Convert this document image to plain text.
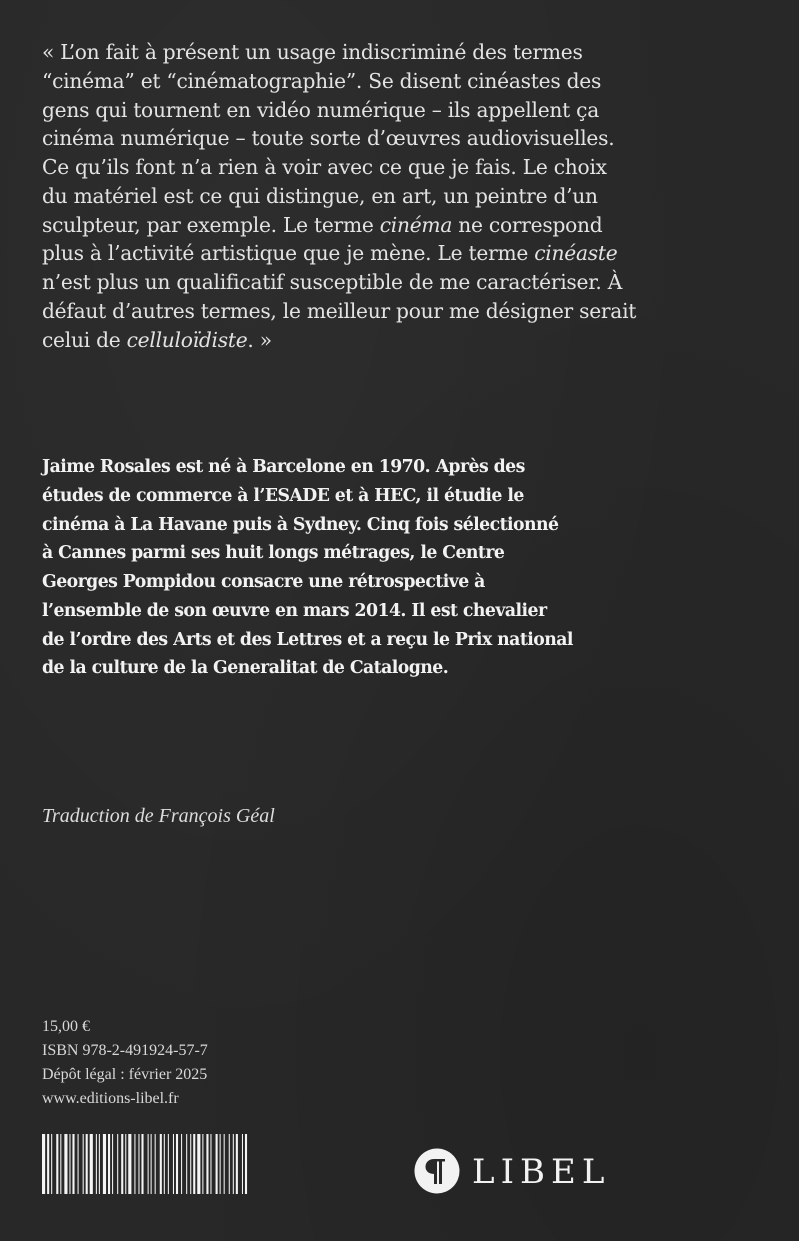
« L’on fait à présent un usage indiscriminé des termes
“cinéma” et “cinématographie”. Se disent cinéastes des
gens qui tournent en vidéo numérique – ils appellent ça
cinéma numérique – toute sorte d’œuvres audiovisuelles.
Ce qu’ils font n’a rien à voir avec ce que je fais. Le choix
du matériel est ce qui distingue, en art, un peintre d’un
sculpteur, par exemple. Le terme cinéma ne correspond
plus à l’activité artistique que je mène. Le terme cinéaste
n’est plus un qualificatif susceptible de me caractériser. À
défaut d’autres termes, le meilleur pour me désigner serait
celui de celluloïdiste. »
Jaime Rosales est né à Barcelone en 1970. Après des
études de commerce à l’ESADE et à HEC, il étudie le
cinéma à La Havane puis à Sydney. Cinq fois sélectionné
à Cannes parmi ses huit longs métrages, le Centre
Georges Pompidou consacre une rétrospective à
l’ensemble de son œuvre en mars 2014. Il est chevalier
de l’ordre des Arts et des Lettres et a reçu le Prix national
de la culture de la Generalitat de Catalogne.
Traduction de François Géal
15,00 €
ISBN 978-2-491924-57-7
Dépôt légal : février 2025
www.editions-libel.fr
LIBEL
